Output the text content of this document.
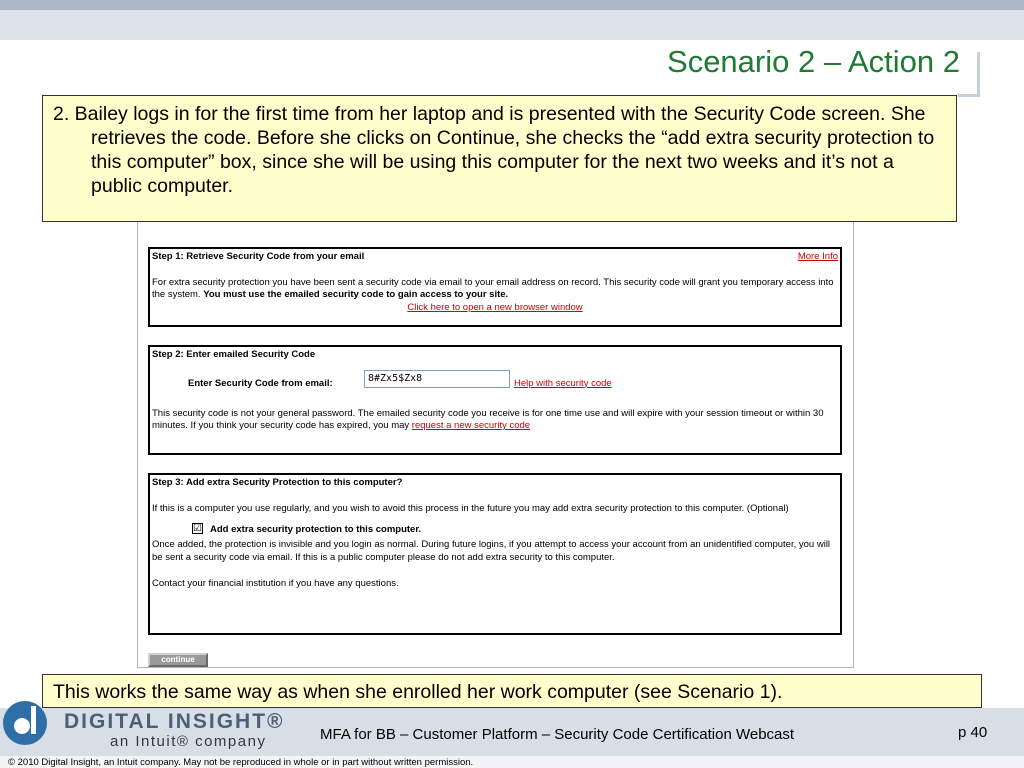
Scenario 2 – Action 2
Step 1: Retrieve Security Code from your email	More Info
For extra security protection you have been sent a security code via email to your email address on record. This security code will grant you temporary access into the system. You must use the emailed security code to gain access to your site.
Click here to open a new browser window
Step 2: Enter emailed Security Code
Enter Security Code from email:	8#Zx5$Zx8	Help with security code
This security code is not your general password. The emailed security code you receive is for one time use and will expire with your session timeout or within 30 minutes. If you think your security code has expired, you may request a new security code
Step 3: Add extra Security Protection to this computer?
If this is a computer you use regularly, and you wish to avoid this process in the future you may add extra security protection to this computer. (Optional)
☑ Add extra security protection to this computer.
Once added, the protection is invisible and you login as normal. During future logins, if you attempt to access your account from an unidentified computer, you will be sent a security code via email. If this is a public computer please do not add extra security to this computer.
Contact your financial institution if you have any questions.
continue

2. Bailey logs in for the first time from her laptop and is presented with the Security Code screen. She retrieves the code. Before she clicks on Continue, she checks the “add extra security protection to this computer” box, since she will be using this computer for the next two weeks and it’s not a public computer.

This works the same way as when she enrolled her work computer (see Scenario 1).
DIGITAL INSIGHT®
an Intuit® company	MFA for BB – Customer Platform – Security Code Certification Webcast	p 40
© 2010 Digital Insight, an Intuit company. May not be reproduced in whole or in part without written permission.
